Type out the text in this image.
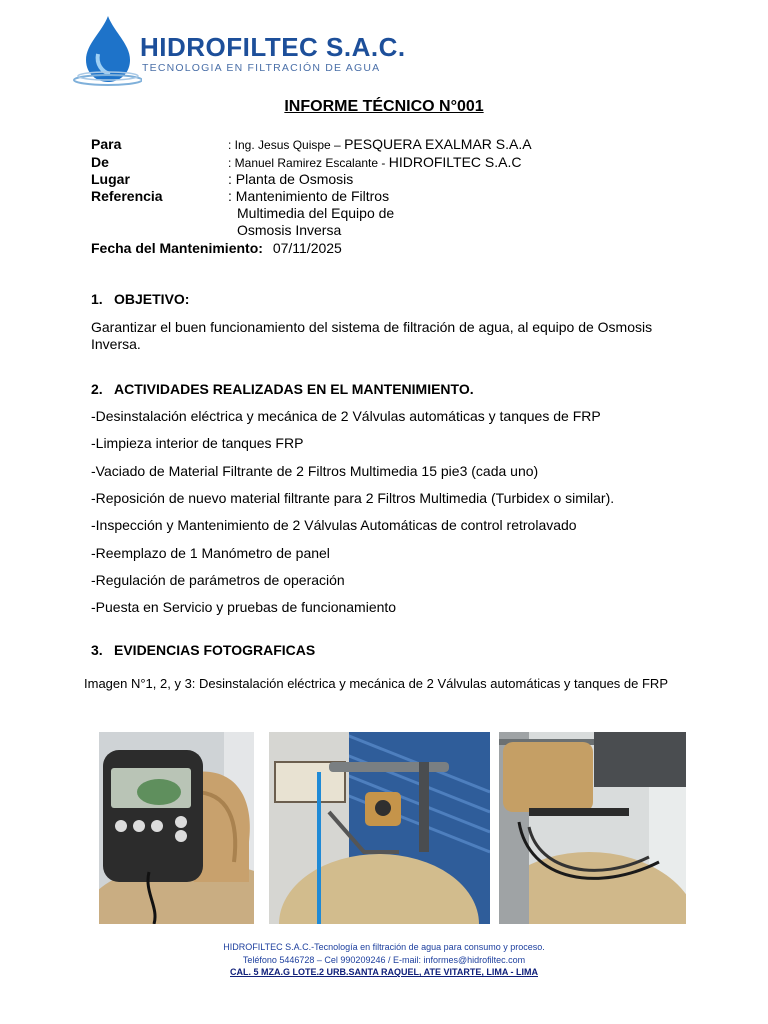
HIDROFILTEC S.A.C.
TECNOLOGIA EN FILTRACIÓN DE AGUA
INFORME TÉCNICO N°001
Para	: Ing. Jesus Quispe – PESQUERA EXALMAR S.A.A
De	: Manuel Ramirez Escalante - HIDROFILTEC S.A.C
Lugar	: Planta de Osmosis
Referencia	: Mantenimiento de Filtros
Multimedia del Equipo de
Osmosis Inversa
Fecha del Mantenimiento: 07/11/2025
1. OBJETIVO:
Garantizar el buen funcionamiento del sistema de filtración de agua, al equipo de Osmosis Inversa.
2. ACTIVIDADES REALIZADAS EN EL MANTENIMIENTO.
-Desinstalación eléctrica y mecánica de 2 Válvulas automáticas y tanques de FRP
-Limpieza interior de tanques FRP
-Vaciado de Material Filtrante de 2 Filtros Multimedia 15 pie3 (cada uno)
-Reposición de nuevo material filtrante para 2 Filtros Multimedia (Turbidex o similar).
-Inspección y Mantenimiento de 2 Válvulas Automáticas de control retrolavado
-Reemplazo de 1 Manómetro de panel
-Regulación de parámetros de operación
-Puesta en Servicio y pruebas de funcionamiento
3. EVIDENCIAS FOTOGRAFICAS
Imagen N°1, 2, y 3: Desinstalación eléctrica y mecánica de 2 Válvulas automáticas y tanques de FRP
HIDROFILTEC S.A.C.-Tecnología en filtración de agua para consumo y proceso.
Teléfono 5446728 – Cel 990209246 / E-mail: informes@hidrofiltec.com
CAL. 5 MZA.G LOTE.2 URB.SANTA RAQUEL, ATE VITARTE, LIMA - LIMA
